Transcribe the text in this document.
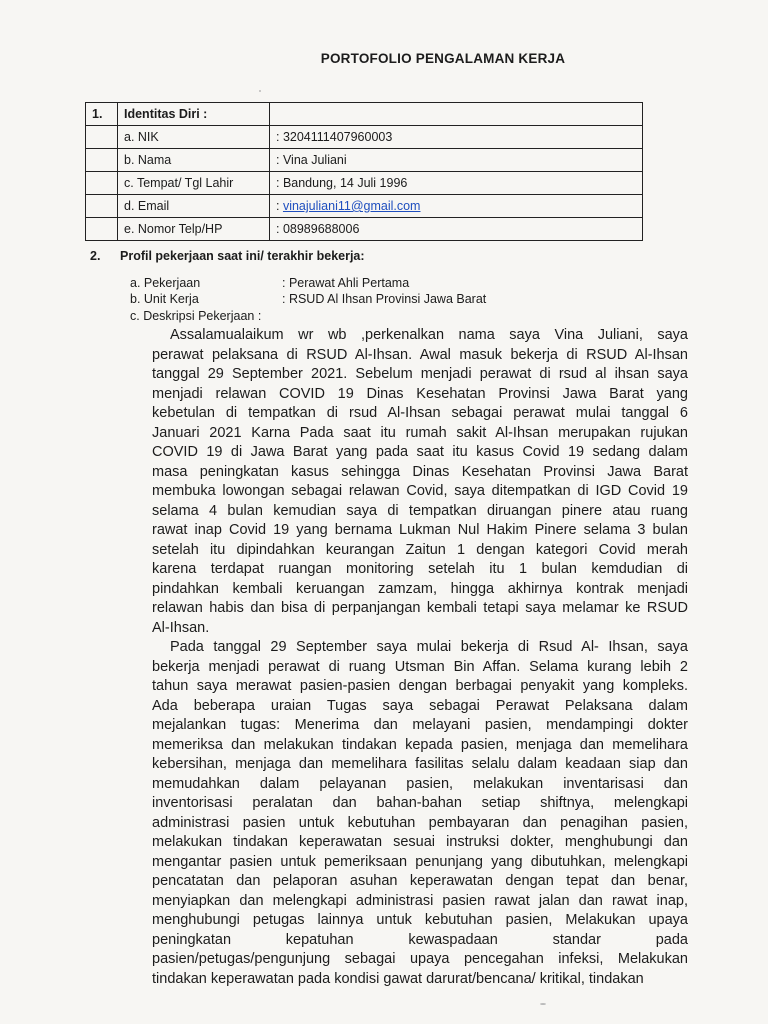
PORTOFOLIO PENGALAMAN KERJA
1.	Identitas Diri :	
	a. NIK	: 3204111407960003
	b. Nama	: Vina Juliani
	c. Tempat/ Tgl Lahir	: Bandung, 14 Juli 1996
	d. Email	: vinajuliani11@gmail.com
	e. Nomor Telp/HP	: 08989688006
2. Profil pekerjaan saat ini/ terakhir bekerja:
a. Pekerjaan	: Perawat Ahli Pertama
b. Unit Kerja	: RSUD Al Ihsan Provinsi Jawa Barat
c. Deskripsi Pekerjaan :
Assalamualaikum wr wb ,perkenalkan nama saya Vina Juliani, saya
perawat pelaksana di RSUD Al-Ihsan. Awal masuk bekerja di RSUD Al-Ihsan
tanggal 29 September 2021. Sebelum menjadi perawat di rsud al ihsan saya
menjadi relawan COVID 19 Dinas Kesehatan Provinsi Jawa Barat yang
kebetulan di tempatkan di rsud Al-Ihsan sebagai perawat mulai tanggal 6
Januari 2021 Karna Pada saat itu rumah sakit Al-Ihsan merupakan rujukan
COVID 19 di Jawa Barat yang pada saat itu kasus Covid 19 sedang dalam
masa peningkatan kasus sehingga Dinas Kesehatan Provinsi Jawa Barat
membuka lowongan sebagai relawan Covid, saya ditempatkan di IGD Covid 19
selama 4 bulan kemudian saya di tempatkan diruangan pinere atau ruang
rawat inap Covid 19 yang bernama Lukman Nul Hakim Pinere selama 3 bulan
setelah itu dipindahkan keurangan Zaitun 1 dengan kategori Covid merah
karena terdapat ruangan monitoring setelah itu 1 bulan kemdudian di
pindahkan kembali keruangan zamzam, hingga akhirnya kontrak menjadi
relawan habis dan bisa di perpanjangan kembali tetapi saya melamar ke RSUD
Al-Ihsan.
Pada tanggal 29 September saya mulai bekerja di Rsud Al- Ihsan, saya
bekerja menjadi perawat di ruang Utsman Bin Affan. Selama kurang lebih 2
tahun saya merawat pasien-pasien dengan berbagai penyakit yang kompleks.
Ada beberapa uraian Tugas saya sebagai Perawat Pelaksana dalam
mejalankan tugas: Menerima dan melayani pasien, mendampingi dokter
memeriksa dan melakukan tindakan kepada pasien, menjaga dan memelihara
kebersihan, menjaga dan memelihara fasilitas selalu dalam keadaan siap dan
memudahkan dalam pelayanan pasien, melakukan inventarisasi dan
inventorisasi peralatan dan bahan-bahan setiap shiftnya, melengkapi
administrasi pasien untuk kebutuhan pembayaran dan penagihan pasien,
melakukan tindakan keperawatan sesuai instruksi dokter, menghubungi dan
mengantar pasien untuk pemeriksaan penunjang yang dibutuhkan, melengkapi
pencatatan dan pelaporan asuhan keperawatan dengan tepat dan benar,
menyiapkan dan melengkapi administrasi pasien rawat jalan dan rawat inap,
menghubungi petugas lainnya untuk kebutuhan pasien, Melakukan upaya
peningkatan kepatuhan kewaspadaan standar pada
pasien/petugas/pengunjung sebagai upaya pencegahan infeksi, Melakukan
tindakan keperawatan pada kondisi gawat darurat/bencana/ kritikal, tindakan
